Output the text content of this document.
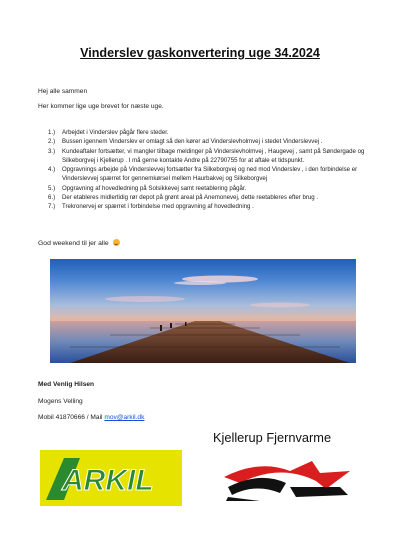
Vinderslev gaskonvertering uge 34.2024
Hej alle sammen
Her kommer lige uge brevet for næste uge.
1.)	Arbejdet i Vinderslev pågår flere steder.
2.)	Bussen igennem Vinderslev er omlagt så den kører ad Vinderslevholmvej i stedet Vinderslevvej .
3.)	Kundeaftaler fortsætter, vi mangler tilbage meldinger på Vinderslevholmvej , Haugevej , samt på Søndergade og Silkeborgvej i Kjellerup . I må gerne kontakte Andre på 22790755 for at aftale et tidspunkt.
4.)	Opgravnings arbejde på Vinderslevvej fortsætter fra Silkeborgvej og ned mod Vinderslev , i den forbindelse er Vinderslevvej spærret for gennemkørsel mellem Haurbakvej og Silkeborgvej
5.)	Opgravning af hovedledning på Solsikkevej samt reetablering pågår.
6.)	Der etableres midlertidig rør depot på grønt areal på Anemonevej, dette reetableres efter brug .
7.)	Trekronervej er spærret i forbindelse med opgravning af hovedledning .
God weekend til jer alle
Med Venlig Hilsen
Mogens Velling
Mobil 41870666 / Mail mov@arkil.dk
Kjellerup Fjernvarme
ARKIL
